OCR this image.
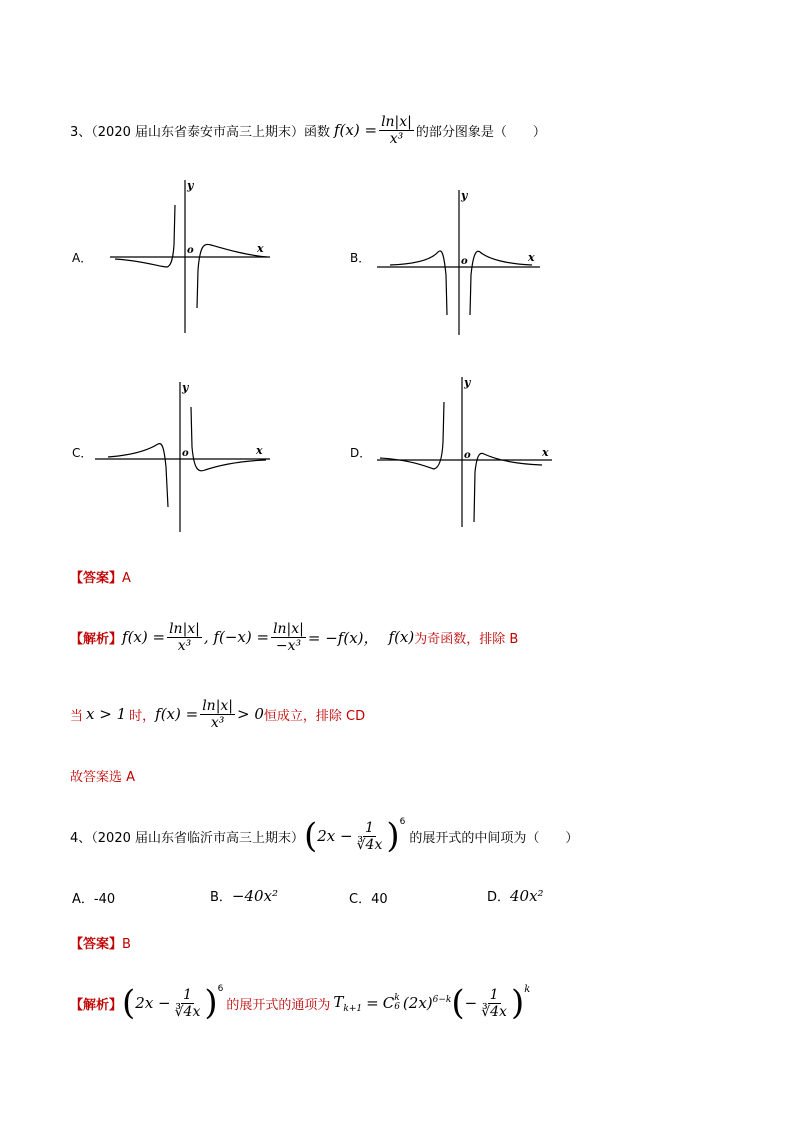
3、（2020 届山东省泰安市高三上期末）函数 $f(x) = \frac{\ln|x|}{\text{x³}}$ 的部分图象是（　　）
A．
y
x
o
B．
y
x
o
C．
y
x
o	D．
y
x
o
【答案】A
【解析】 $f(x) = \frac{\ln|x|}{\text{x³}}$ , $f(-x) = \frac{\ln|x|}{\text{−x³}} = -f(x)$， f(x) 为奇函数，排除 B
当 x > 1 时， $f(x) = \frac{\ln|x|}{\text{x³}} > 0$ 恒成立，排除 CD
故答案选 A
4、（2020 届山东省临沂市高三上期末） ( $2x - \frac{1}{∛4x} )^6$
的展开式的中间项为（　　）
A．-40	B．−40x²	C．40	D．40x²
【答案】B
【解析】 ( $2x - \frac{1}{∛4x} )^6$
的展开式的通项为 $T_{k+1} = C$ k
6 $(2x)^{6-k}$ ( − $\frac{1}{∛4x} )^k$
